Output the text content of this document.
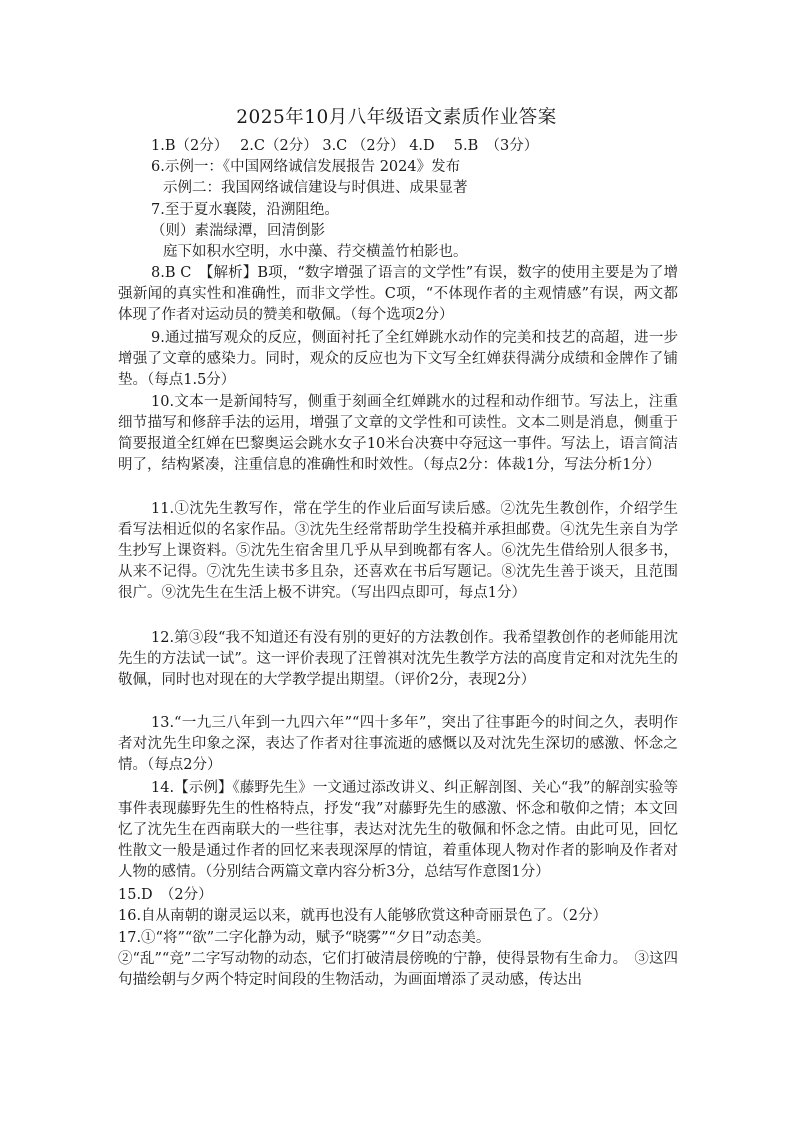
2025年10月八年级语文素质作业答案
1.B（2分）　 2.C（2分） 3.C （2分） 4.D　 5.B　（3分）
6.示例一：《中国网络诚信发展报告 2024》发布
示例二：我国网络诚信建设与时俱进、成果显著
7.至于夏水襄陵，沿溯阻绝。
（则）素湍绿潭，回清倒影
庭下如积水空明，水中藻、荇交横盖竹柏影也。
8.B C　【解析】B项，“数字增强了语言的文学性”有误，数字的使用主要是为了增强新闻的真实性和准确性，而非文学性。C项，“不体现作者的主观情感”有误，两文都体现了作者对运动员的赞美和敬佩。（每个选项2分）
9.通过描写观众的反应，侧面衬托了全红婵跳水动作的完美和技艺的高超，进一步增强了文章的感染力。同时，观众的反应也为下文写全红婵获得满分成绩和金牌作了铺垫。（每点1.5分）
10.文本一是新闻特写，侧重于刻画全红婵跳水的过程和动作细节。写法上，注重细节描写和修辞手法的运用，增强了文章的文学性和可读性。文本二则是消息，侧重于简要报道全红婵在巴黎奥运会跳水女子10米台决赛中夺冠这一事件。写法上，语言简洁明了，结构紧凑，注重信息的准确性和时效性。（每点2分：体裁1分，写法分析1分）
11.①沈先生教写作，常在学生的作业后面写读后感。②沈先生教创作，介绍学生看写法相近似的名家作品。③沈先生经常帮助学生投稿并承担邮费。④沈先生亲自为学生抄写上课资料。⑤沈先生宿舍里几乎从早到晚都有客人。⑥沈先生借给别人很多书，从来不记得。⑦沈先生读书多且杂，还喜欢在书后写题记。⑧沈先生善于谈天，且范围很广。⑨沈先生在生活上极不讲究。（写出四点即可，每点1分）
12.第③段“我不知道还有没有别的更好的方法教创作。我希望教创作的老师能用沈先生的方法试一试”。这一评价表现了汪曾祺对沈先生教学方法的高度肯定和对沈先生的敬佩，同时也对现在的大学教学提出期望。（评价2分，表现2分）
13.“一九三八年到一九四六年”“四十多年”，突出了往事距今的时间之久，表明作者对沈先生印象之深，表达了作者对往事流逝的感慨以及对沈先生深切的感激、怀念之情。（每点2分）
14.【示例】《藤野先生》一文通过添改讲义、纠正解剖图、关心“我”的解剖实验等事件表现藤野先生的性格特点，抒发“我”对藤野先生的感激、怀念和敬仰之情；本文回忆了沈先生在西南联大的一些往事，表达对沈先生的敬佩和怀念之情。由此可见，回忆性散文一般是通过作者的回忆来表现深厚的情谊，着重体现人物对作者的影响及作者对人物的感情。（分别结合两篇文章内容分析3分，总结写作意图1分）
15.D　（2分）
16.自从南朝的谢灵运以来，就再也没有人能够欣赏这种奇丽景色了。（2分）
17.①“将”“欲”二字化静为动，赋予“晓雾”“夕日”动态美。
②“乱”“竞”二字写动物的动态，它们打破清晨傍晚的宁静，使得景物有生命力。　③这四句描绘朝与夕两个特定时间段的生物活动，为画面增添了灵动感，传达出
